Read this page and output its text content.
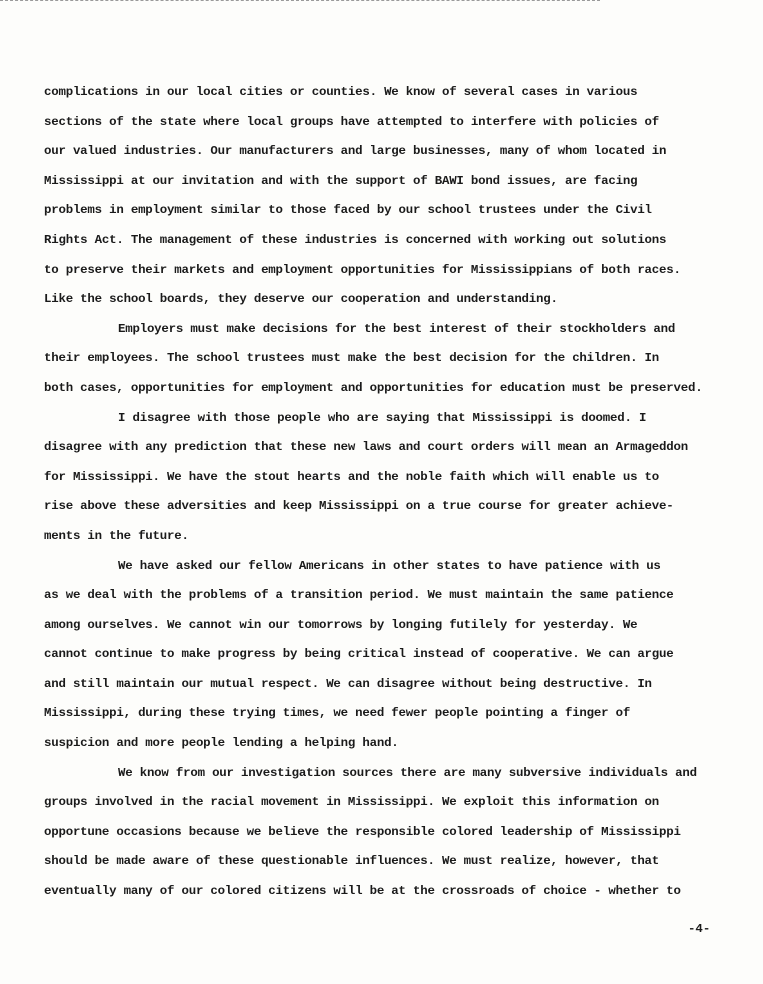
complications in our local cities or counties. We know of several cases in various
sections of the state where local groups have attempted to interfere with policies of
our valued industries. Our manufacturers and large businesses, many of whom located in
Mississippi at our invitation and with the support of BAWI bond issues, are facing
problems in employment similar to those faced by our school trustees under the Civil
Rights Act. The management of these industries is concerned with working out solutions
to preserve their markets and employment opportunities for Mississippians of both races.
Like the school boards, they deserve our cooperation and understanding.
Employers must make decisions for the best interest of their stockholders and
their employees. The school trustees must make the best decision for the children. In
both cases, opportunities for employment and opportunities for education must be preserved.
I disagree with those people who are saying that Mississippi is doomed. I
disagree with any prediction that these new laws and court orders will mean an Armageddon
for Mississippi. We have the stout hearts and the noble faith which will enable us to
rise above these adversities and keep Mississippi on a true course for greater achieve-
ments in the future.
We have asked our fellow Americans in other states to have patience with us
as we deal with the problems of a transition period. We must maintain the same patience
among ourselves. We cannot win our tomorrows by longing futilely for yesterday. We
cannot continue to make progress by being critical instead of cooperative. We can argue
and still maintain our mutual respect. We can disagree without being destructive. In
Mississippi, during these trying times, we need fewer people pointing a finger of
suspicion and more people lending a helping hand.
We know from our investigation sources there are many subversive individuals and
groups involved in the racial movement in Mississippi. We exploit this information on
opportune occasions because we believe the responsible colored leadership of Mississippi
should be made aware of these questionable influences. We must realize, however, that
eventually many of our colored citizens will be at the crossroads of choice - whether to
-4-
